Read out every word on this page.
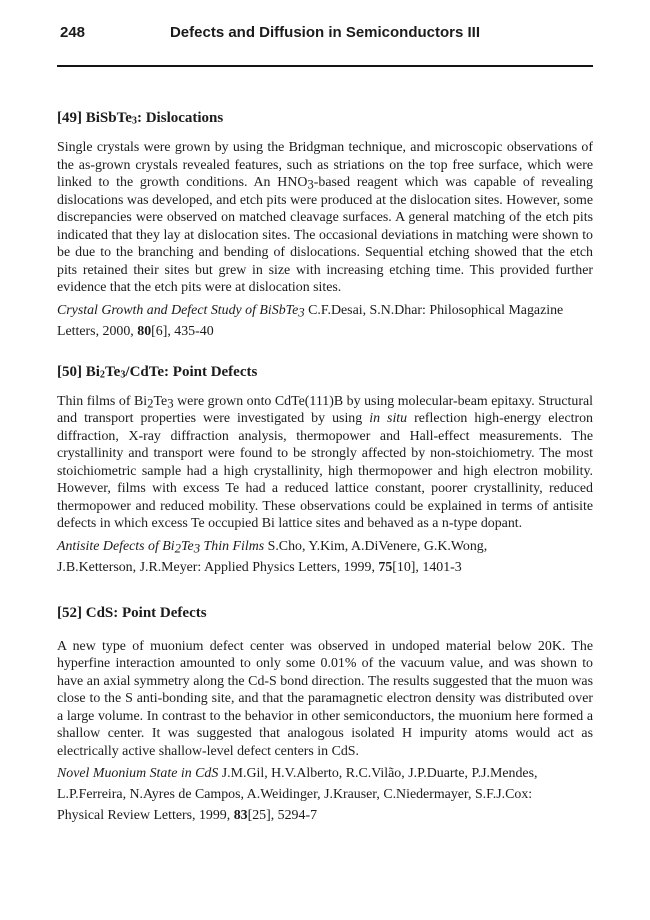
248	Defects and Diffusion in Semiconductors III
[49] BiSbTe3: Dislocations

Single crystals were grown by using the Bridgman technique, and microscopic observations of the as-grown crystals revealed features, such as striations on the top free surface, which were linked to the growth conditions. An HNO3-based reagent which was capable of revealing dislocations was developed, and etch pits were produced at the dislocation sites. However, some discrepancies were observed on matched cleavage surfaces. A general matching of the etch pits indicated that they lay at dislocation sites. The occasional deviations in matching were shown to be due to the branching and bending of dislocations. Sequential etching showed that the etch pits retained their sites but grew in size with increasing etching time. This provided further evidence that the etch pits were at dislocation sites.

Crystal Growth and Defect Study of BiSbTe3 C.F.Desai, S.N.Dhar: Philosophical Magazine
Letters, 2000, 80[6], 435-40

[50] Bi2Te3/CdTe: Point Defects

Thin films of Bi2Te3 were grown onto CdTe(111)B by using molecular-beam epitaxy. Structural and transport properties were investigated by using in situ reflection high-energy electron diffraction, X-ray diffraction analysis, thermopower and Hall-effect measurements. The crystallinity and transport were found to be strongly affected by non-stoichiometry. The most stoichiometric sample had a high crystallinity, high thermopower and high electron mobility. However, films with excess Te had a reduced lattice constant, poorer crystallinity, reduced thermopower and reduced mobility. These observations could be explained in terms of antisite defects in which excess Te occupied Bi lattice sites and behaved as a n-type dopant.

Antisite Defects of Bi2Te3 Thin Films S.Cho, Y.Kim, A.DiVenere, G.K.Wong,
J.B.Ketterson, J.R.Meyer: Applied Physics Letters, 1999, 75[10], 1401-3

[52] CdS: Point Defects

A new type of muonium defect center was observed in undoped material below 20K. The hyperfine interaction amounted to only some 0.01% of the vacuum value, and was shown to have an axial symmetry along the Cd-S bond direction. The results suggested that the muon was close to the S anti-bonding site, and that the paramagnetic electron density was distributed over a large volume. In contrast to the behavior in other semiconductors, the muonium here formed a shallow center. It was suggested that analogous isolated H impurity atoms would act as electrically active shallow-level defect centers in CdS.

Novel Muonium State in CdS J.M.Gil, H.V.Alberto, R.C.Vilão, J.P.Duarte, P.J.Mendes,
L.P.Ferreira, N.Ayres de Campos, A.Weidinger, J.Krauser, C.Niedermayer, S.F.J.Cox:
Physical Review Letters, 1999, 83[25], 5294-7
